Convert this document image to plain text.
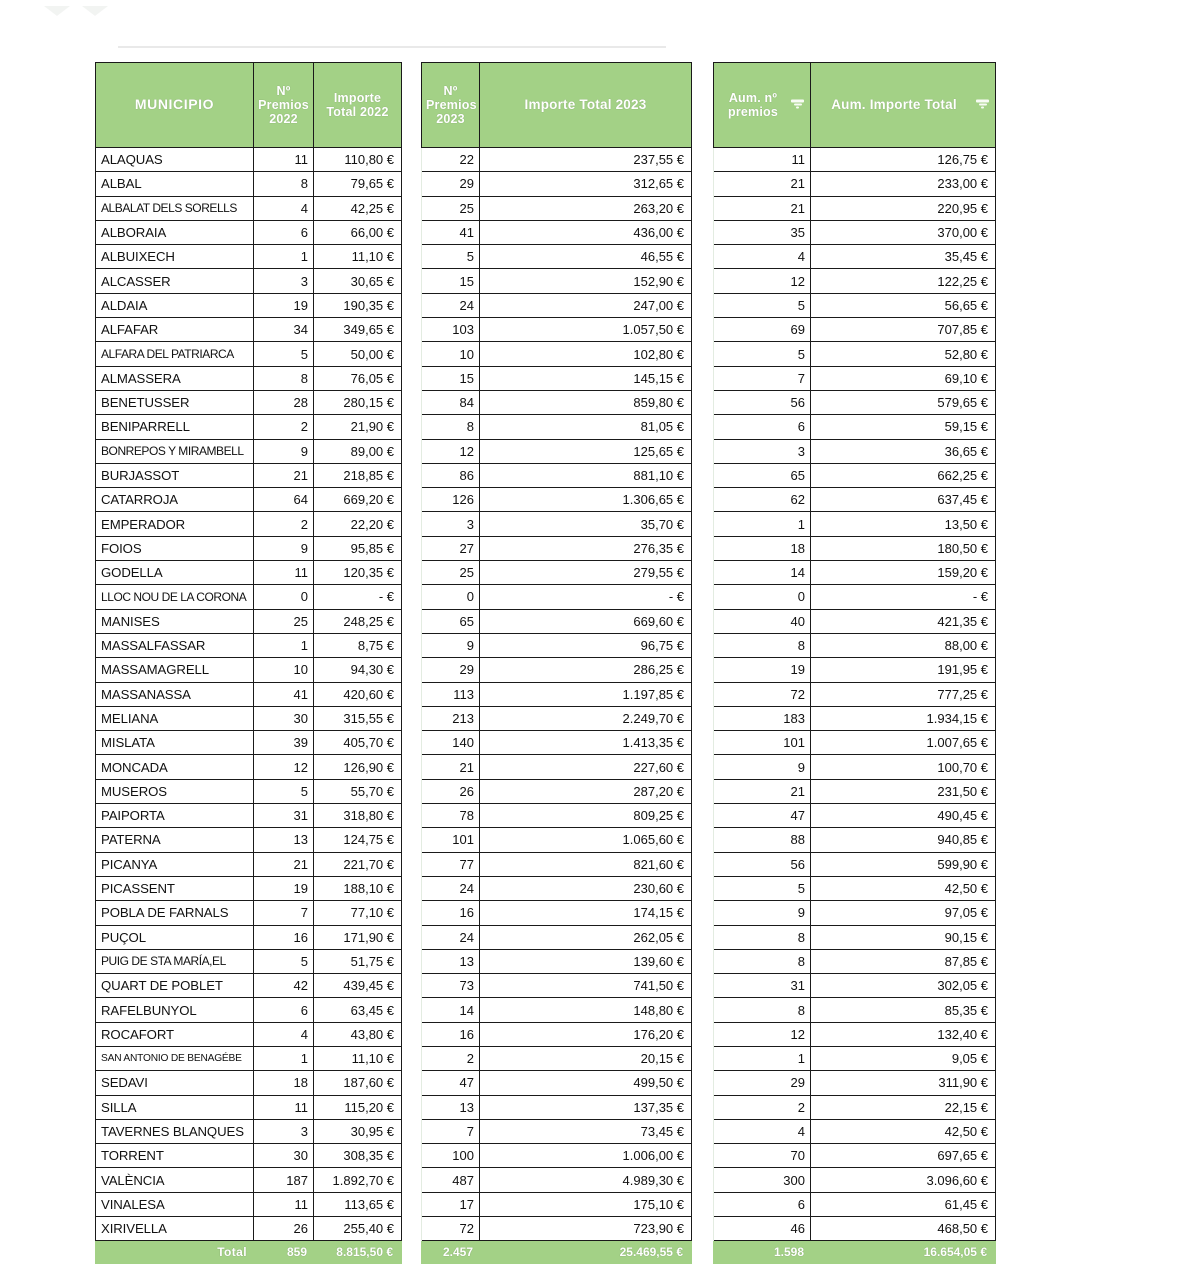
MUNICIPIO	Nº Premios 2022	Importe Total 2022		Nº Premios 2023	Importe Total 2023		Aum. nº premios	Aum. Importe Total

ALAQUAS	11	110,80 €		22	237,55 €		11	126,75 €
ALBAL	8	79,65 €		29	312,65 €		21	233,00 €
ALBALAT DELS SORELLS	4	42,25 €		25	263,20 €		21	220,95 €
ALBORAIA	6	66,00 €		41	436,00 €		35	370,00 €
ALBUIXECH	1	11,10 €		5	46,55 €		4	35,45 €
ALCASSER	3	30,65 €		15	152,90 €		12	122,25 €
ALDAIA	19	190,35 €		24	247,00 €		5	56,65 €
ALFAFAR	34	349,65 €		103	1.057,50 €		69	707,85 €
ALFARA DEL PATRIARCA	5	50,00 €		10	102,80 €		5	52,80 €
ALMASSERA	8	76,05 €		15	145,15 €		7	69,10 €
BENETUSSER	28	280,15 €		84	859,80 €		56	579,65 €
BENIPARRELL	2	21,90 €		8	81,05 €		6	59,15 €
BONREPOS Y MIRAMBELL	9	89,00 €		12	125,65 €		3	36,65 €
BURJASSOT	21	218,85 €		86	881,10 €		65	662,25 €
CATARROJA	64	669,20 €		126	1.306,65 €		62	637,45 €
EMPERADOR	2	22,20 €		3	35,70 €		1	13,50 €
FOIOS	9	95,85 €		27	276,35 €		18	180,50 €
GODELLA	11	120,35 €		25	279,55 €		14	159,20 €
LLOC NOU DE LA CORONA	0	- €		0	- €		0	- €
MANISES	25	248,25 €		65	669,60 €		40	421,35 €
MASSALFASSAR	1	8,75 €		9	96,75 €		8	88,00 €
MASSAMAGRELL	10	94,30 €		29	286,25 €		19	191,95 €
MASSANASSA	41	420,60 €		113	1.197,85 €		72	777,25 €
MELIANA	30	315,55 €		213	2.249,70 €		183	1.934,15 €
MISLATA	39	405,70 €		140	1.413,35 €		101	1.007,65 €
MONCADA	12	126,90 €		21	227,60 €		9	100,70 €
MUSEROS	5	55,70 €		26	287,20 €		21	231,50 €
PAIPORTA	31	318,80 €		78	809,25 €		47	490,45 €
PATERNA	13	124,75 €		101	1.065,60 €		88	940,85 €
PICANYA	21	221,70 €		77	821,60 €		56	599,90 €
PICASSENT	19	188,10 €		24	230,60 €		5	42,50 €
POBLA DE FARNALS	7	77,10 €		16	174,15 €		9	97,05 €
PUÇOL	16	171,90 €		24	262,05 €		8	90,15 €
PUIG DE STA MARÍA,EL	5	51,75 €		13	139,60 €		8	87,85 €
QUART DE POBLET	42	439,45 €		73	741,50 €		31	302,05 €
RAFELBUNYOL	6	63,45 €		14	148,80 €		8	85,35 €
ROCAFORT	4	43,80 €		16	176,20 €		12	132,40 €
SAN ANTONIO DE BENAGÉBE	1	11,10 €		2	20,15 €		1	9,05 €
SEDAVI	18	187,60 €		47	499,50 €		29	311,90 €
SILLA	11	115,20 €		13	137,35 €		2	22,15 €
TAVERNES BLANQUES	3	30,95 €		7	73,45 €		4	42,50 €
TORRENT	30	308,35 €		100	1.006,00 €		70	697,65 €
VALÈNCIA	187	1.892,70 €		487	4.989,30 €		300	3.096,60 €
VINALESA	11	113,65 €		17	175,10 €		6	61,45 €
XIRIVELLA	26	255,40 €		72	723,90 €		46	468,50 €
Total	859	8.815,50 €		2.457	25.469,55 €		1.598	16.654,05 €
